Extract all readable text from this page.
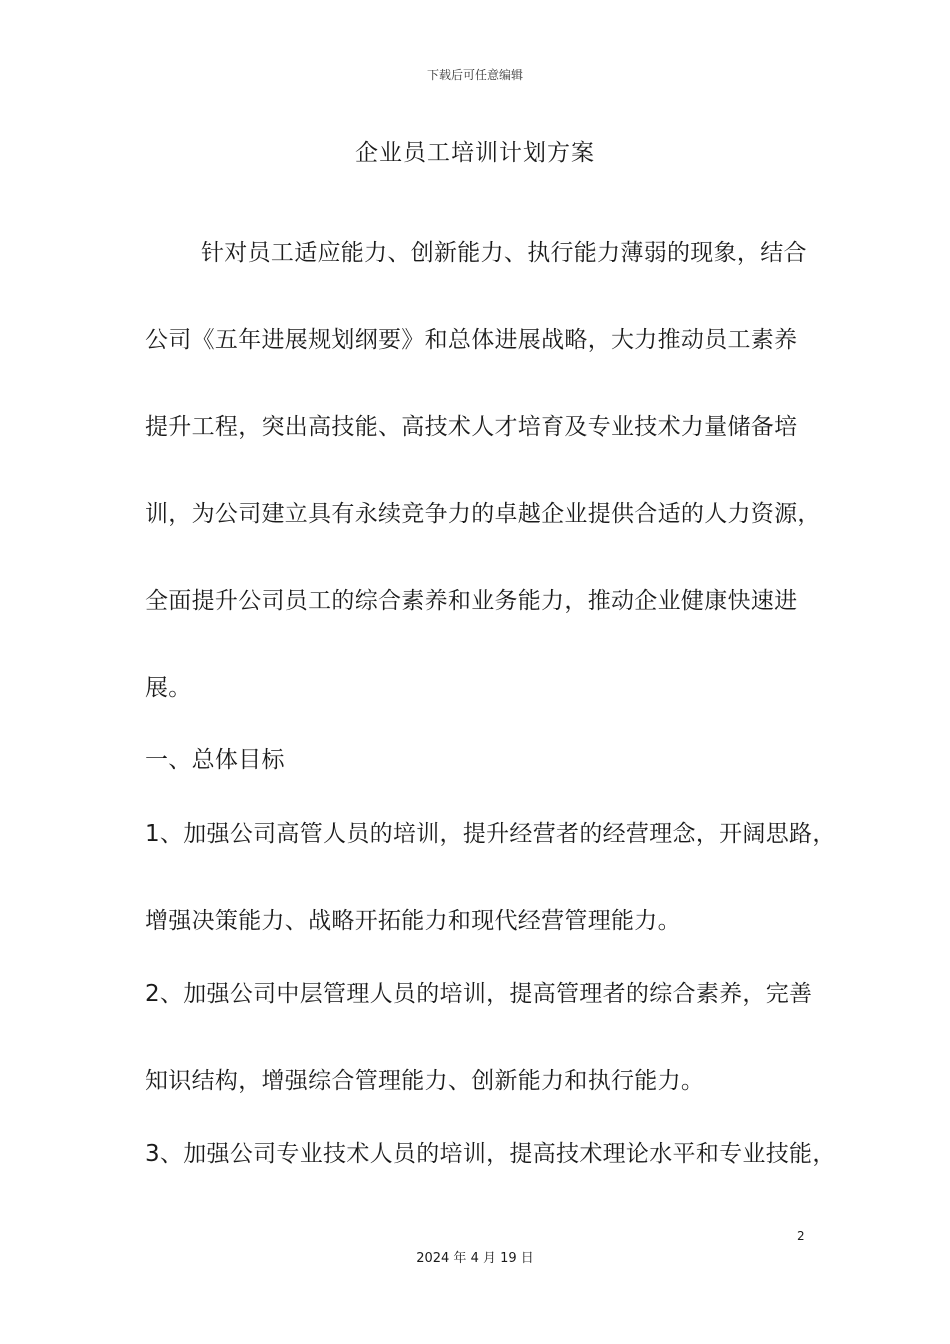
下载后可任意编辑
企业员工培训计划方案
针对员工适应能力、创新能力、执行能力薄弱的现象，结合
公司《五年进展规划纲要》和总体进展战略，大力推动员工素养
提升工程，突出高技能、高技术人才培育及专业技术力量储备培
训，为公司建立具有永续竞争力的卓越企业提供合适的人力资源，
全面提升公司员工的综合素养和业务能力，推动企业健康快速进
展。
一、总体目标
1、加强公司高管人员的培训，提升经营者的经营理念，开阔思路，
增强决策能力、战略开拓能力和现代经营管理能力。
2、加强公司中层管理人员的培训，提高管理者的综合素养，完善
知识结构，增强综合管理能力、创新能力和执行能力。
3、加强公司专业技术人员的培训，提高技术理论水平和专业技能，
2
2024 年 4 月 19 日
